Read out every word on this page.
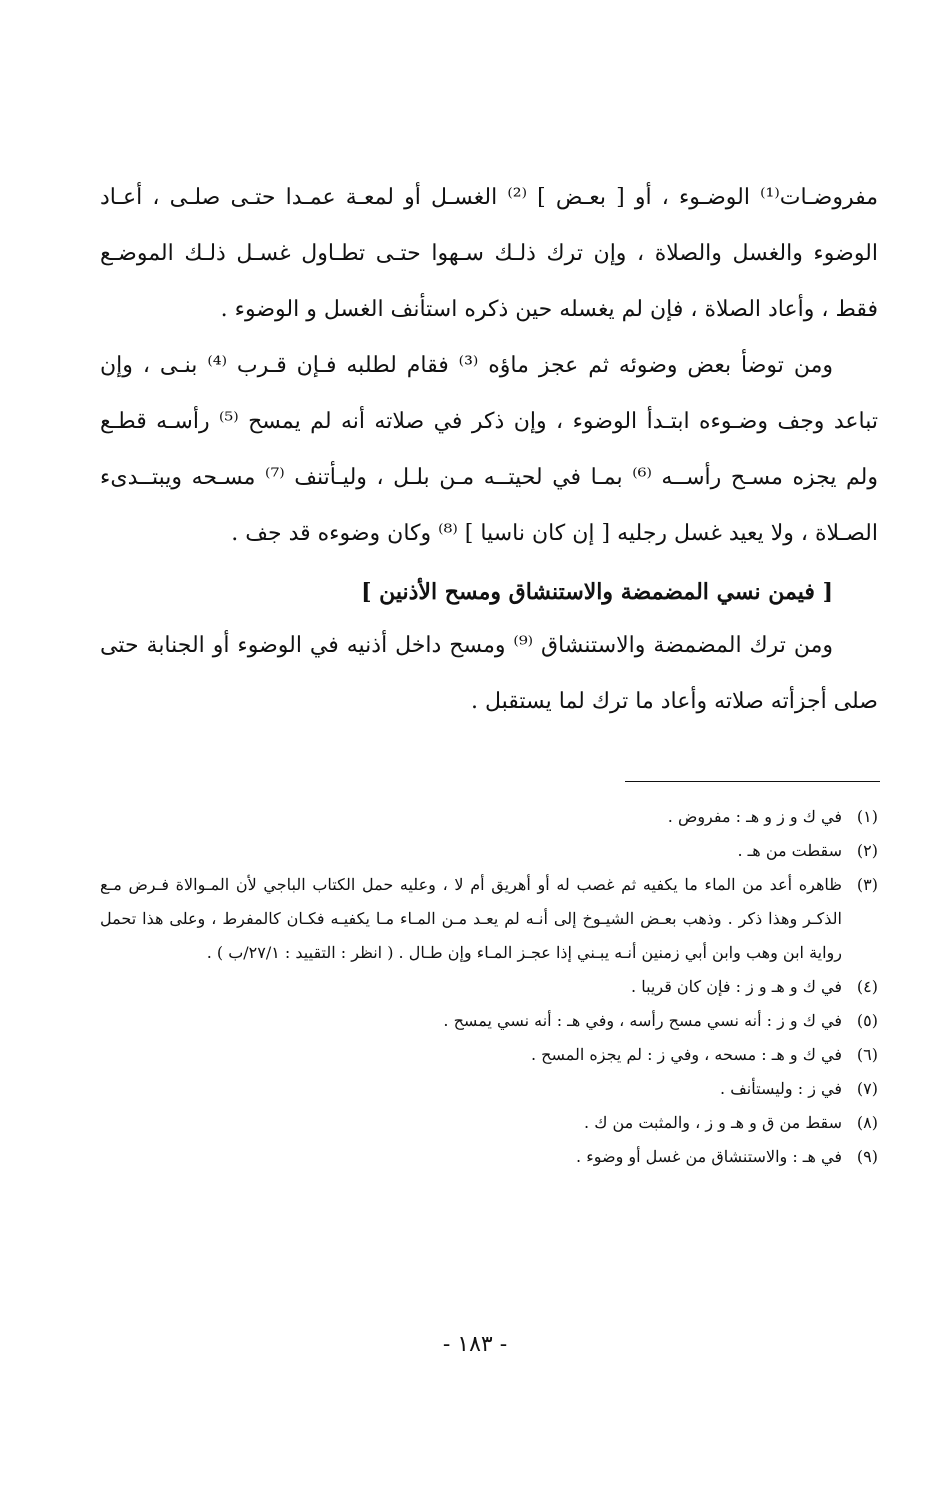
مفروضـات⁽¹⁾ الوضـوء ، أو [ بعـض ] ⁽²⁾ الغسـل أو لمعـة عمـدا حتـى صلـى ، أعـاد الوضوء والغسل والصلاة ، وإن ترك ذلـك سـهوا حتـى تطـاول غسـل ذلـك الموضـع فقط ، وأعاد الصلاة ، فإن لم يغسله حين ذكره استأنف الغسل و الوضوء .

ومن توضأ بعض وضوئه ثم عجز ماؤه ⁽³⁾ فقام لطلبه فـإن قـرب ⁽⁴⁾ بنـى ، وإن تباعد وجف وضـوءه ابتـدأ الوضوء ، وإن ذكر في صلاته أنه لم يمسح ⁽⁵⁾ رأسـه قطـع ولم يجزه مسـح رأســه ⁽⁶⁾ بمـا في لحيتــه مـن بلـل ، وليـأتنف ⁽⁷⁾ مسـحه ويبتــدىء الصـلاة ، ولا يعيد غسل رجليه [ إن كان ناسيا ] ⁽⁸⁾ وكان وضوءه قد جف .

[ فيمن نسي المضمضة والاستنشاق ومسح الأذنين ]

ومن ترك المضمضة والاستنشاق ⁽⁹⁾ ومسح داخل أذنيه في الوضوء أو الجنابة حتى صلى أجزأته صلاته وأعاد ما ترك لما يستقبل .

(١)
في ك و ز و هـ : مفروض .
(٢)
سقطت من هـ .
(٣)
ظاهره أعد من الماء ما يكفيه ثم غصب له أو أهريق أم لا ، وعليه حمل الكتاب الباجي لأن المـوالاة فـرض مـع الذكـر وهذا ذكر . وذهب بعـض الشيـوخ إلى أنـه لم يعـد مـن المـاء مـا يكفيـه فكـان كالمفرط ، وعلى هذا تحمل رواية ابن وهب وابن أبي زمنين أنـه يبـني إذا عجـز المـاء وإن طـال . ( انظر : التقييد : ٢٧/١/ب ) .
(٤)
في ك و هـ و ز : فإن كان قريبا .
(٥)
في ك و ز : أنه نسي مسح رأسه ، وفي هـ : أنه نسي يمسح .
(٦)
في ك و هـ : مسحه ، وفي ز : لم يجزه المسح .
(٧)
في ز : وليستأنف .
(٨)
سقط من ق و هـ و ز ، والمثبت من ك .
(٩)
في هـ : والاستنشاق من غسل أو وضوء .
- ١٨٣ -
